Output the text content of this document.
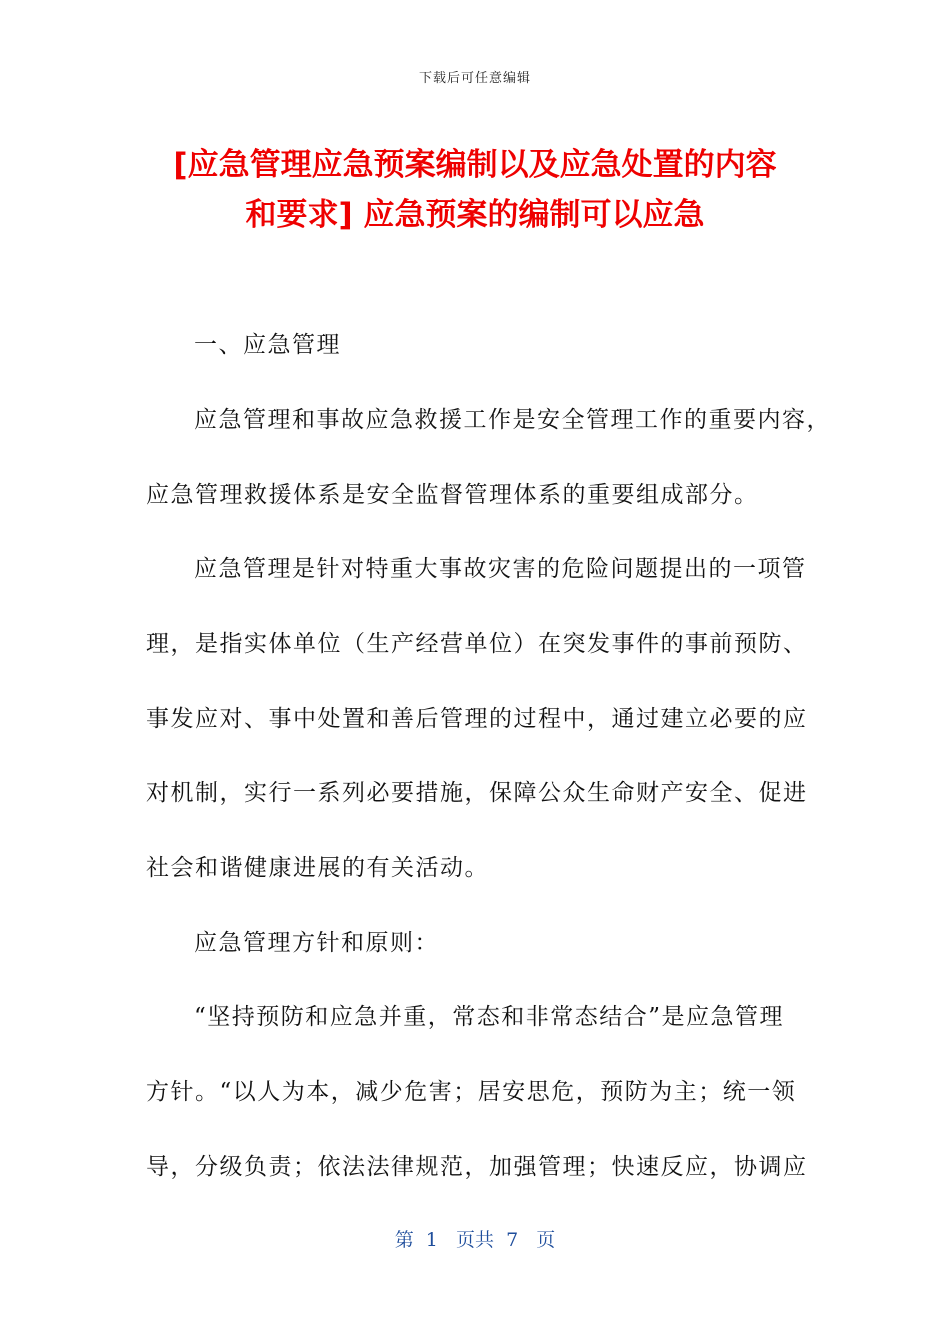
下载后可任意编辑
[应急管理应急预案编制以及应急处置的内容
和要求] 应急预案的编制可以应急
一、应急管理
应急管理和事故应急救援工作是安全管理工作的重要内容，
应急管理救援体系是安全监督管理体系的重要组成部分。
应急管理是针对特重大事故灾害的危险问题提出的一项管
理，是指实体单位（生产经营单位）在突发事件的事前预防、
事发应对、事中处置和善后管理的过程中，通过建立必要的应
对机制，实行一系列必要措施，保障公众生命财产安全、促进
社会和谐健康进展的有关活动。
应急管理方针和原则：
“坚持预防和应急并重，常态和非常态结合”是应急管理
方针。“以人为本，减少危害；居安思危，预防为主；统一领
导，分级负责；依法法律规范，加强管理；快速反应，协调应
第  1   页共  7   页
